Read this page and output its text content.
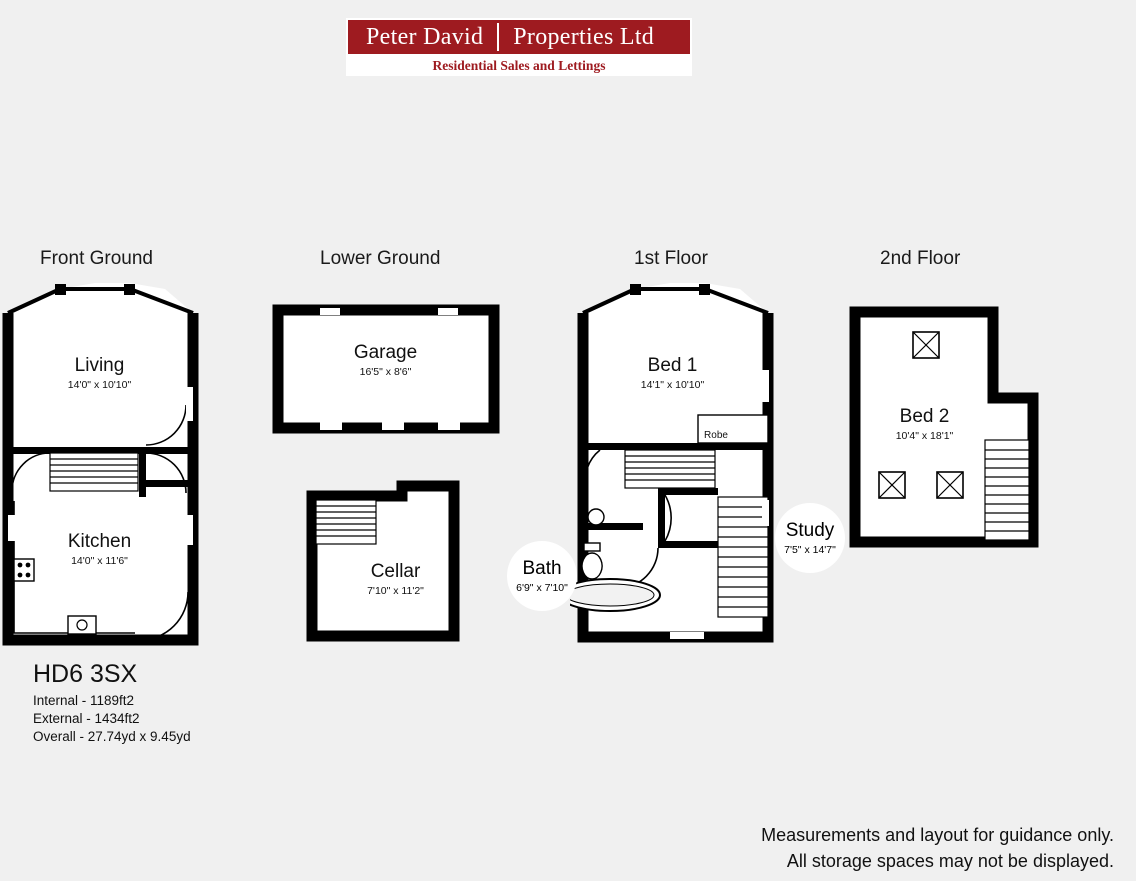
Peter David	Properties Ltd
Residential Sales and Lettings
Front Ground
Living
14'0" x 10'10"
Kitchen
14'0" x 11'6"
Lower Ground
Garage
16'5" x 8'6"
Cellar
7'10" x 11'2"
1st Floor
Bed 1
14'1" x 10'10"
Robe
Bath
6'9" x 7'10"
Study
7'5" x 14'7"
2nd Floor
Bed 2
10'4" x 18'1"
HD6 3SX
Internal - 1189ft2
External - 1434ft2
Overall - 27.74yd x 9.45yd
Measurements and layout for guidance only.
All storage spaces may not be displayed.
